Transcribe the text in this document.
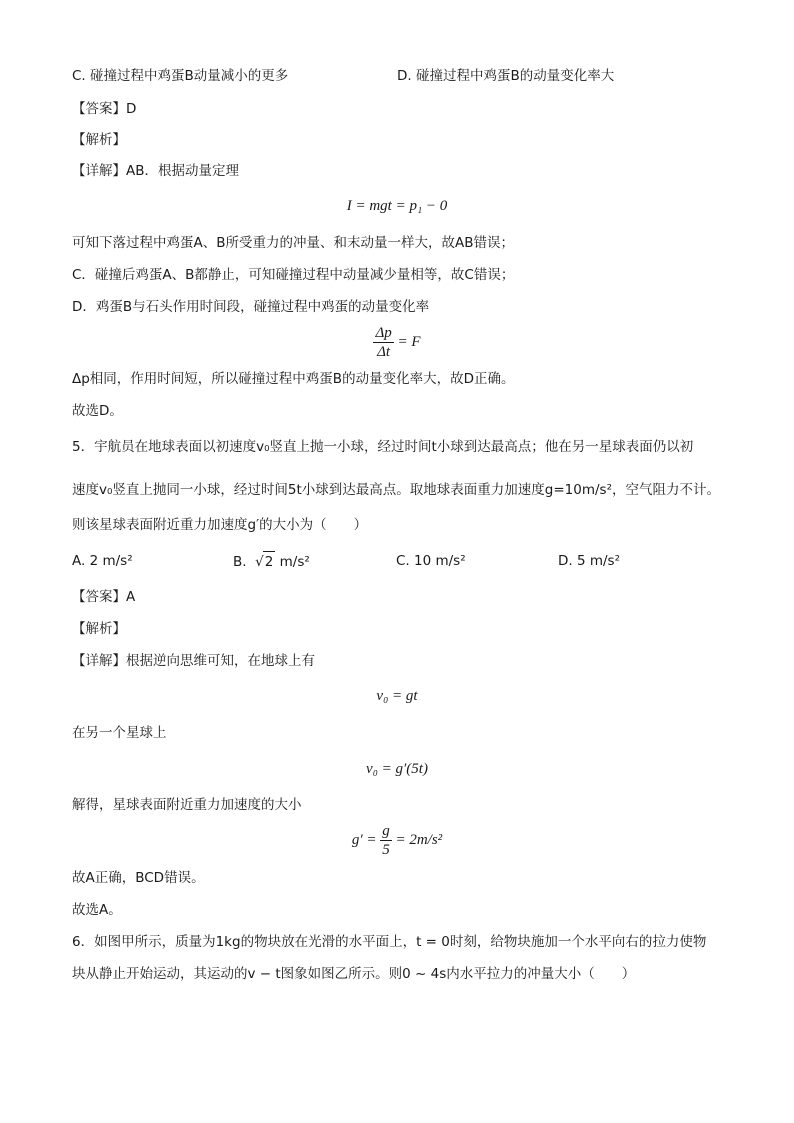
C. 碰撞过程中鸡蛋B动量减小的更多	D. 碰撞过程中鸡蛋B的动量变化率大
【答案】D
【解析】
【详解】AB．根据动量定理
I = mgt = p₁ − 0
可知下落过程中鸡蛋A、B所受重力的冲量、和末动量一样大，故AB错误；
C．碰撞后鸡蛋A、B都静止，可知碰撞过程中动量减少量相等，故C错误；
D．鸡蛋B与石头作用时间段，碰撞过程中鸡蛋的动量变化率
$\frac{\Delta p}{\Delta t} = F$
Δp相同，作用时间短，所以碰撞过程中鸡蛋B的动量变化率大，故D正确。
故选D。
5．宇航员在地球表面以初速度v₀竖直上抛一小球，经过时间t小球到达最高点；他在另一星球表面仍以初
速度v₀竖直上抛同一小球，经过时间5t小球到达最高点。取地球表面重力加速度g=10m/s²，空气阻力不计。
则该星球表面附近重力加速度g′的大小为（　　）
A. 2 m/s²	B.  √2 m/s²	C. 10 m/s²	D. 5 m/s²
【答案】A
【解析】
【详解】根据逆向思维可知，在地球上有
v₀ = gt
在另一个星球上
v₀ = g′(5t)
解得，星球表面附近重力加速度的大小
$g' = \frac{g}{5} = 2m/s^2$
故A正确，BCD错误。
故选A。
6．如图甲所示，质量为1kg的物块放在光滑的水平面上，t = 0时刻，给物块施加一个水平向右的拉力使物
块从静止开始运动，其运动的v − t图象如图乙所示。则0 ~ 4s内水平拉力的冲量大小（　　）
